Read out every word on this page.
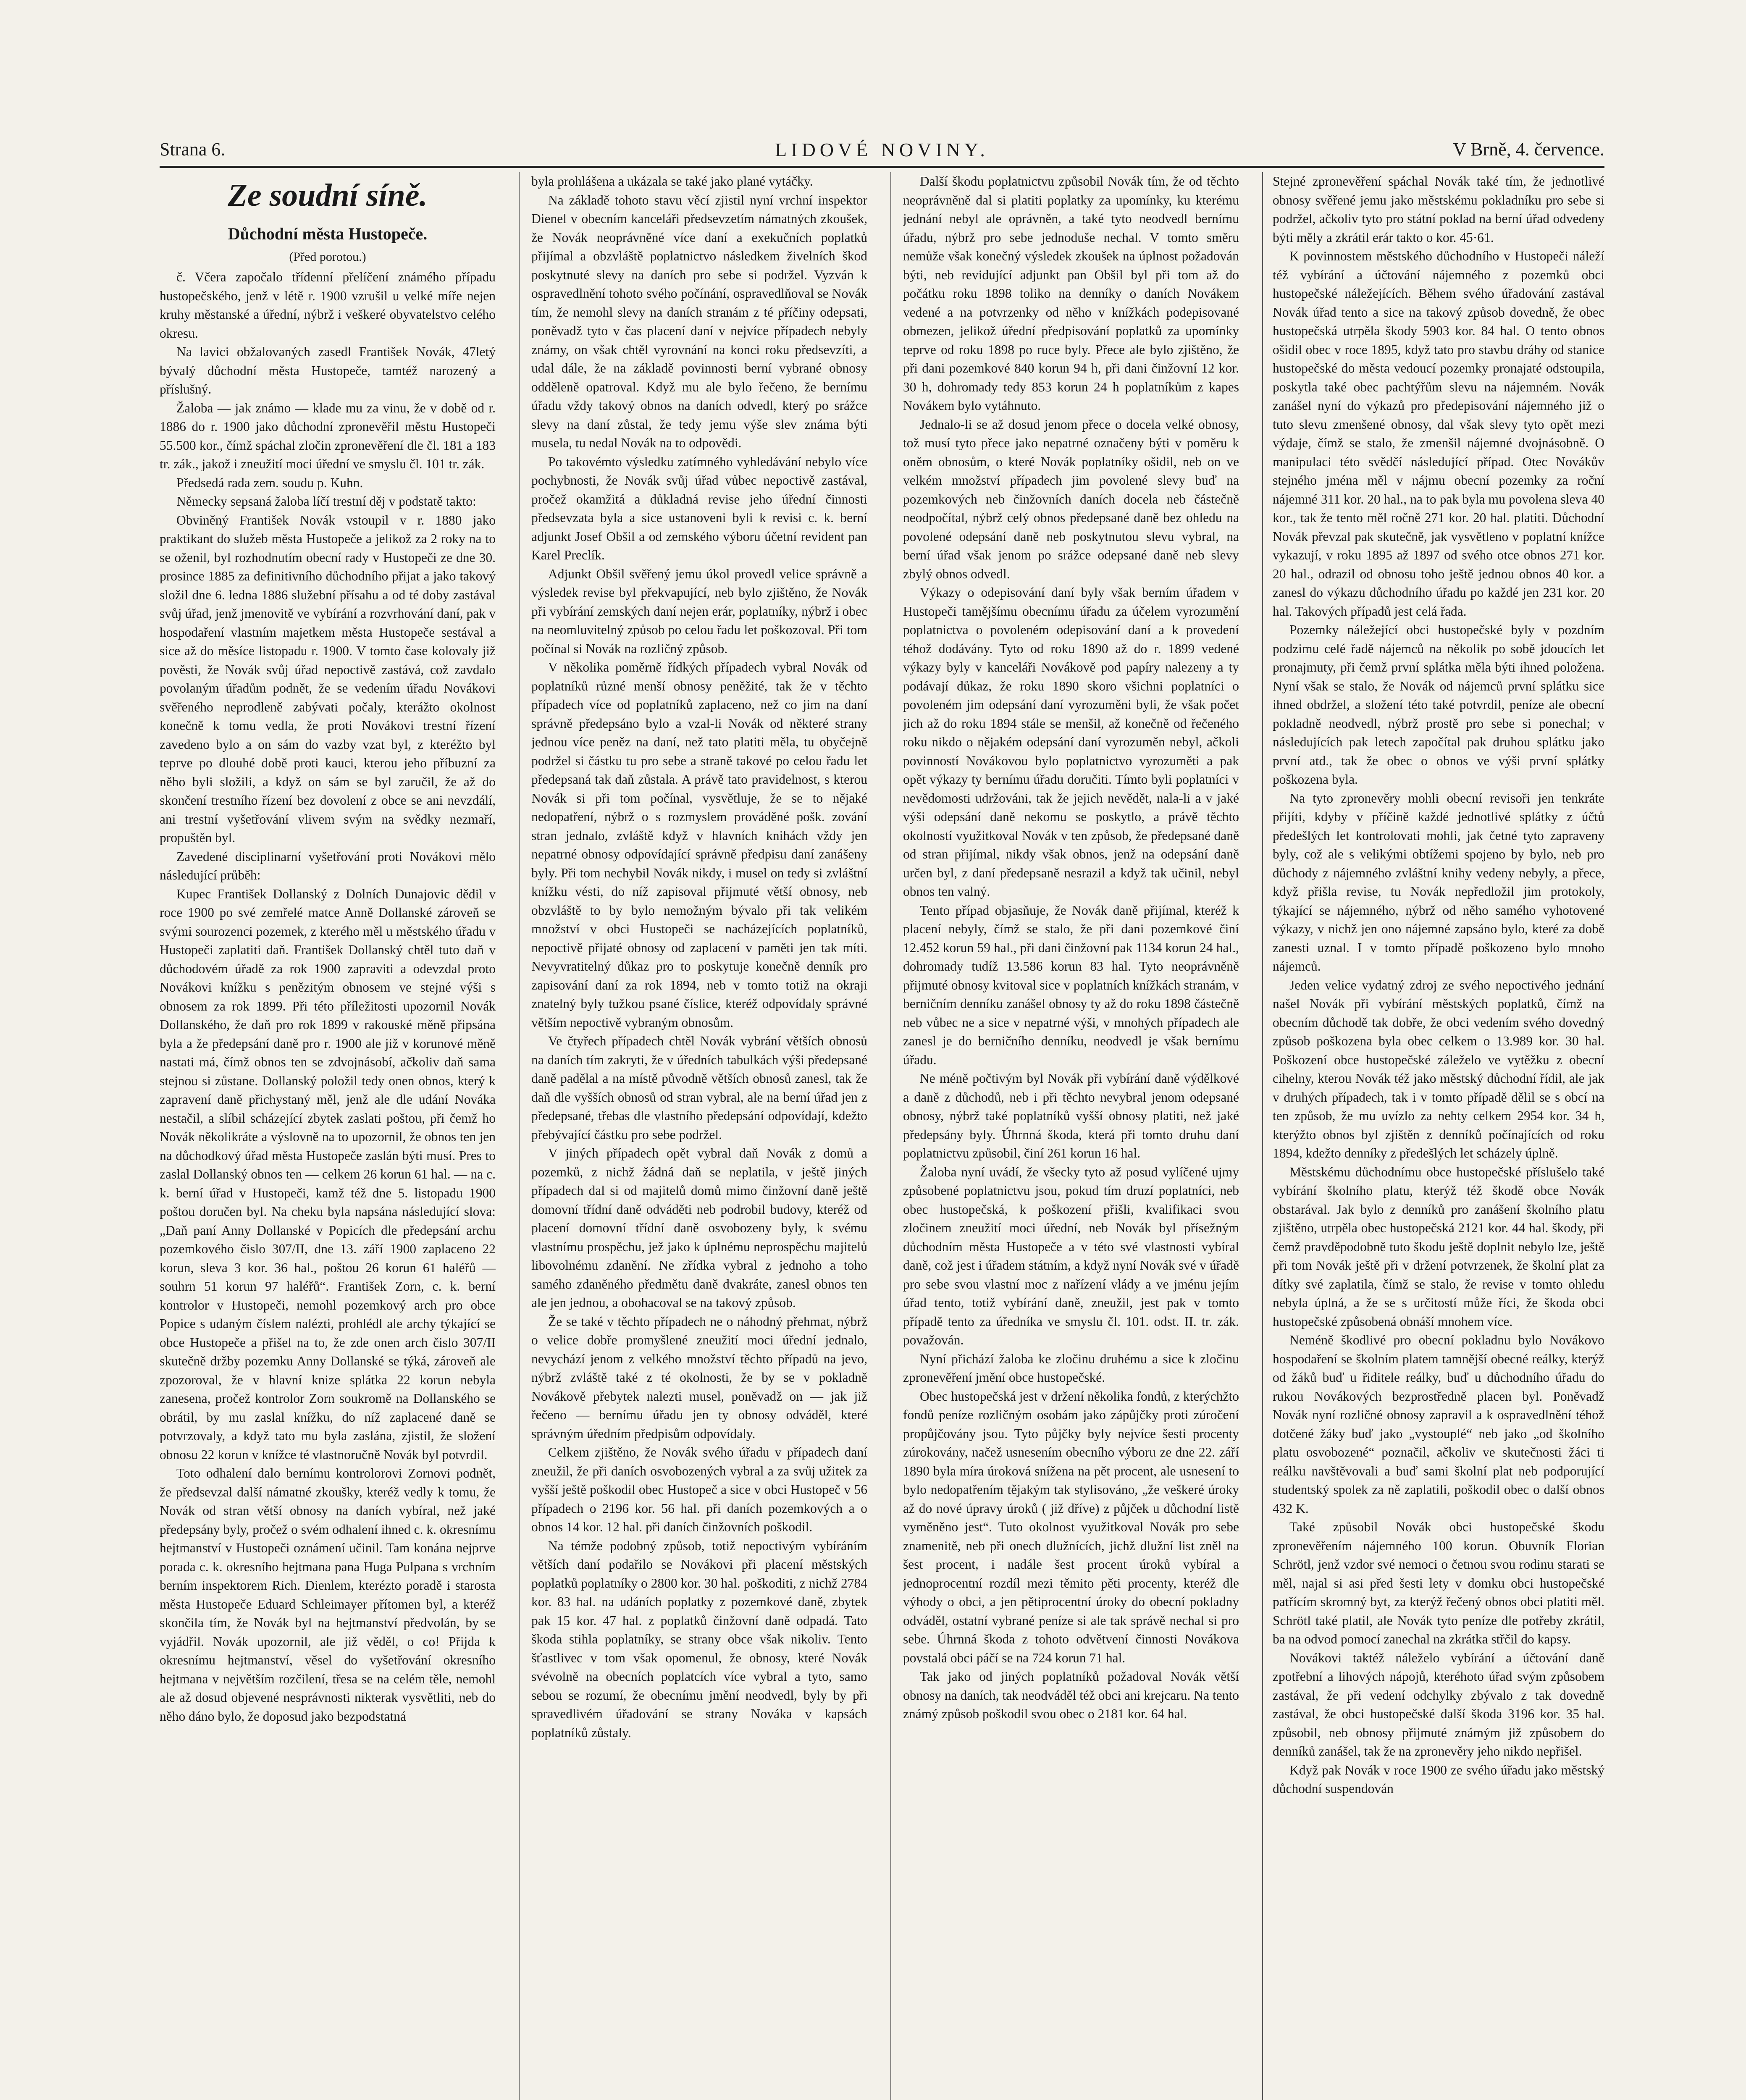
Strana 6.	LIDOVÉ NOVINY.	V Brně, 4. července.
Ze soudní síně.
Důchodní města Hustopeče.
(Před porotou.)

č. Včera započalo třídenní přelíčení známého případu hustopečského, jenž v létě r. 1900 vzrušil u velké míře nejen kruhy městanské a úřední, nýbrž i veškeré obyvatelstvo celého okresu.

Na lavici obžalovaných zasedl František Novák, 47letý bývalý důchodní města Hustopeče, tamtéž narozený a příslušný.

Žaloba — jak známo — klade mu za vinu, že v době od r. 1886 do r. 1900 jako důchodní zpronevěřil městu Hustopeči 55.500 kor., čímž spáchal zločin zpronevěření dle čl. 181 a 183 tr. zák., jakož i zneužití moci úřední ve smyslu čl. 101 tr. zák.

Předsedá rada zem. soudu p. Kuhn.

Německy sepsaná žaloba líčí trestní děj v podstatě takto:

Obviněný František Novák vstoupil v r. 1880 jako praktikant do služeb města Hustopeče a jelikož za 2 roky na to se oženil, byl rozhodnutím obecní rady v Hustopeči ze dne 30. prosince 1885 za definitivního důchodního přijat a jako takový složil dne 6. ledna 1886 služební přísahu a od té doby zastával svůj úřad, jenž jmenovitě ve vybírání a rozvrhování daní, pak v hospodaření vlastním majetkem města Hustopeče sestával a sice až do měsíce listopadu r. 1900. V tomto čase kolovaly již pověsti, že Novák svůj úřad nepoctivě zastává, což zavdalo povolaným úřadům podnět, že se vedením úřadu Novákovi svěřeného neprodleně zabývati počaly, kterážto okolnost konečně k tomu vedla, že proti Novákovi trestní řízení zavedeno bylo a on sám do vazby vzat byl, z kteréžto byl teprve po dlouhé době proti kauci, kterou jeho příbuzní za něho byli složili, a když on sám se byl zaručil, že až do skončení trestního řízení bez dovolení z obce se ani nevzdálí, ani trestní vyšetřování vlivem svým na svědky nezmaří, propuštěn byl.

Zavedené disciplinarní vyšetřování proti Novákovi mělo následující průběh:

Kupec František Dollanský z Dolních Dunajovic dědil v roce 1900 po své zemřelé matce Anně Dollanské zároveň se svými sourozenci pozemek, z kterého měl u městského úřadu v Hustopeči zaplatiti daň. František Dollanský chtěl tuto daň v důchodovém úřadě za rok 1900 zapraviti a odevzdal proto Novákovi knížku s penězitým obnosem ve stejné výši s obnosem za rok 1899. Při této příležitosti upozornil Novák Dollanského, že daň pro rok 1899 v rakouské měně připsána byla a že předepsání daně pro r. 1900 ale již v korunové měně nastati má, čímž obnos ten se zdvojnásobí, ačkoliv daň sama stejnou si zůstane. Dollanský položil tedy onen obnos, který k zapravení daně přichystaný měl, jenž ale dle udání Nováka nestačil, a slíbil scházející zbytek zaslati poštou, při čemž ho Novák několikráte a výslovně na to upozornil, že obnos ten jen na důchodkový úřad města Hustopeče zaslán býti musí. Pres to zaslal Dollanský obnos ten — celkem 26 korun 61 hal. — na c. k. berní úřad v Hustopeči, kamž též dne 5. listopadu 1900 poštou doručen byl. Na cheku byla napsána následující slova: „Daň paní Anny Dollanské v Popicích dle předepsání archu pozemkového čislo 307/II, dne 13. září 1900 zaplaceno 22 korun, sleva 3 kor. 36 hal., poštou 26 korun 61 haléřů — souhrn 51 korun 97 haléřů“. František Zorn, c. k. berní kontrolor v Hustopeči, nemohl pozemkový arch pro obce Popice s udaným číslem nalézti, prohlédl ale archy týkající se obce Hustopeče a přišel na to, že zde onen arch čislo 307/II skutečně držby pozemku Anny Dollanské se týká, zároveň ale zpozoroval, že v hlavní knize splátka 22 korun nebyla zanesena, pročež kontrolor Zorn soukromě na Dollanského se obrátil, by mu zaslal knížku, do níž zaplacené daně se potvrzovaly, a když tato mu byla zaslána, zjistil, že složení obnosu 22 korun v knížce té vlastnoručně Novák byl potvrdil.

Toto odhalení dalo bernímu kontrolorovi Zornovi podnět, že předsevzal další námatné zkoušky, kteréž vedly k tomu, že Novák od stran větší obnosy na daních vybíral, než jaké předepsány byly, pročež o svém odhalení ihned c. k. okresnímu hejtmanství v Hustopeči oznámení učinil. Tam konána nejprve porada c. k. okresního hejtmana pana Huga Pulpana s vrchním berním inspektorem Rich. Dienlem, kterézto poradě i starosta města Hustopeče Eduard Schleimayer přítomen byl, a kteréž skončila tím, že Novák byl na hejtmanství předvolán, by se vyjádřil. Novák upozornil, ale již věděl, o co! Přijda k okresnímu hejtmanství, věsel do vyšetřování okresního hejtmana v největším rozčilení, třesa se na celém těle, nemohl ale až dosud objevené nesprávnosti nikterak vysvětliti, neb do něho dáno bylo, že doposud jako bezpodstatná

byla prohlášena a ukázala se také jako plané vytáčky.

Na základě tohoto stavu věcí zjistil nyní vrchní inspektor Dienel v obecním kanceláři předsevzetím námatných zkoušek, že Novák neoprávněné více daní a exekučních poplatků přijímal a obzvláště poplatnictvo následkem živelních škod poskytnuté slevy na daních pro sebe si podržel. Vyzván k ospravedlnění tohoto svého počínání, ospravedlňoval se Novák tím, že nemohl slevy na daních stranám z té příčiny odepsati, poněvadž tyto v čas placení daní v nejvíce případech nebyly známy, on však chtěl vyrovnání na konci roku předsevzíti, a udal dále, že na základě povinnosti berní vybrané obnosy odděleně opatroval. Když mu ale bylo řečeno, že bernímu úřadu vždy takový obnos na daních odvedl, který po srážce slevy na daní zůstal, že tedy jemu výše slev známa býti musela, tu nedal Novák na to odpovědi.

Po takovémto výsledku zatímného vyhledávání nebylo více pochybnosti, že Novák svůj úřad vůbec nepoctivě zastával, pročež okamžitá a důkladná revise jeho úřední činnosti předsevzata byla a sice ustanoveni byli k revisi c. k. berní adjunkt Josef Obšil a od zemského výboru účetní revident pan Karel Preclík.

Adjunkt Obšil svěřený jemu úkol provedl velice správně a výsledek revise byl překvapující, neb bylo zjištěno, že Novák při vybírání zemských daní nejen erár, poplatníky, nýbrž i obec na neomluvitelný způsob po celou řadu let poškozoval. Při tom počínal si Novák na rozličný způsob.

V několika poměrně řídkých případech vybral Novák od poplatníků různé menší obnosy peněžité, tak že v těchto případech více od poplatníků zaplaceno, než co jim na daní správně předepsáno bylo a vzal-li Novák od některé strany jednou více peněz na daní, než tato platiti měla, tu obyčejně podržel si částku tu pro sebe a straně takové po celou řadu let předepsaná tak daň zůstala. A právě tato pravidelnost, s kterou Novák si při tom počínal, vysvětluje, že se to nějaké nedopatření, nýbrž o s rozmyslem prováděné pošk. zování stran jednalo, zvláště když v hlavních knihách vždy jen nepatrné obnosy odpovídající správně předpisu daní zanášeny byly. Při tom nechybil Novák nikdy, i musel on tedy si zvláštní knížku vésti, do níž zapisoval přijmuté větší obnosy, neb obzvláště to by bylo nemožným bývalo při tak velikém množství v obci Hustopeči se nacházejících poplatníků, nepoctivě přijaté obnosy od zaplacení v paměti jen tak míti. Nevyvratitelný důkaz pro to poskytuje konečně denník pro zapisování daní za rok 1894, neb v tomto totiž na okraji znatelný byly tužkou psané číslice, kteréž odpovídaly správné větším nepoctivě vybraným obnosům.

Ve čtyřech případech chtěl Novák vybrání větších obnosů na daních tím zakryti, že v úředních tabulkách výši předepsané daně padělal a na místě původně větších obnosů zanesl, tak že daň dle vyšších obnosů od stran vybral, ale na berní úřad jen z předepsané, třebas dle vlastního předepsání odpovídají, kdežto přebývající částku pro sebe podržel.

V jiných případech opět vybral daň Novák z domů a pozemků, z nichž žádná daň se neplatila, v ještě jiných případech dal si od majitelů domů mimo činžovní daně ještě domovní třídní daně odváděti neb podrobil budovy, kteréž od placení domovní třídní daně osvobozeny byly, k svému vlastnímu prospěchu, jež jako k úplnému neprospěchu majitelů libovolnému zdanění. Ne zřídka vybral z jednoho a toho samého zdaněného předmětu daně dvakráte, zanesl obnos ten ale jen jednou, a obohacoval se na takový způsob.

Že se také v těchto případech ne o náhodný přehmat, nýbrž o velice dobře promyšlené zneužití moci úřední jednalo, nevychází jenom z velkého množství těchto případů na jevo, nýbrž zvláště také z té okolnosti, že by se v pokladně Novákově přebytek nalezti musel, poněvadž on — jak již řečeno — bernímu úřadu jen ty obnosy odváděl, které správným úředním předpisům odpovídaly.

Celkem zjištěno, že Novák svého úřadu v případech daní zneužil, že při daních osvobozených vybral a za svůj užitek za vyšší ještě poškodil obec Hustopeč a sice v obci Hustopeč v 56 případech o 2196 kor. 56 hal. při daních pozemkových a o obnos 14 kor. 12 hal. při daních činžovních poškodil.

Na témže podobný způsob, totiž nepoctivým vybíráním větších daní podařilo se Novákovi při placení městských poplatků poplatníky o 2800 kor. 30 hal. poškoditi, z nichž 2784 kor. 83 hal. na udáních poplatky z pozemkové daně, zbytek pak 15 kor. 47 hal. z poplatků činžovní daně odpadá. Tato škoda stihla poplatníky, se strany obce však nikoliv. Tento šťastlivec v tom však opomenul, že obnosy, které Novák svévolně na obecních poplatcích více vybral a tyto, samo sebou se rozumí, že obecnímu jmění neodvedl, byly by při spravedlivém úřadování se strany Nováka v kapsách poplatníků zůstaly.

Další škodu poplatnictvu způsobil Novák tím, že od těchto neoprávněně dal si platiti poplatky za upomínky, ku kterému jednání nebyl ale oprávněn, a také tyto neodvedl bernímu úřadu, nýbrž pro sebe jednoduše nechal. V tomto směru nemůže však konečný výsledek zkoušek na úplnost požadován býti, neb revidující adjunkt pan Obšil byl při tom až do počátku roku 1898 toliko na denníky o daních Novákem vedené a na potvrzenky od něho v knížkách podepisované obmezen, jelikož úřední předpisování poplatků za upomínky teprve od roku 1898 po ruce byly. Přece ale bylo zjištěno, že při dani pozemkové 840 korun 94 h, při dani činžovní 12 kor. 30 h, dohromady tedy 853 korun 24 h poplatníkům z kapes Novákem bylo vytáhnuto.

Jednalo-li se až dosud jenom přece o docela velké obnosy, tož musí tyto přece jako nepatrné označeny býti v poměru k oněm obnosům, o které Novák poplatníky ošidil, neb on ve velkém množství případech jim povolené slevy buď na pozemkových neb činžovních daních docela neb částečně neodpočítal, nýbrž celý obnos předepsané daně bez ohledu na povolené odepsání daně neb poskytnutou slevu vybral, na berní úřad však jenom po srážce odepsané daně neb slevy zbylý obnos odvedl.

Výkazy o odepisování daní byly však berním úřadem v Hustopeči tamějšímu obecnímu úřadu za účelem vyrozumění poplatnictva o povoleném odepisování daní a k provedení téhož dodávány. Tyto od roku 1890 až do r. 1899 vedené výkazy byly v kanceláři Novákově pod papíry nalezeny a ty podávají důkaz, že roku 1890 skoro všichni poplatníci o povoleném jim odepsání daní vyrozuměni byli, že však počet jich až do roku 1894 stále se menšil, až konečně od řečeného roku nikdo o nějakém odepsání daní vyrozuměn nebyl, ačkoli povinností Novákovou bylo poplatnictvo vyrozuměti a pak opět výkazy ty bernímu úřadu doručiti. Tímto byli poplatníci v nevědomosti udržováni, tak že jejich nevědět, nala-li a v jaké výši odepsání daně nekomu se poskytlo, a právě těchto okolností využitkoval Novák v ten způsob, že předepsané daně od stran přijímal, nikdy však obnos, jenž na odepsání daně určen byl, z daní předepsaně nesrazil a když tak učinil, nebyl obnos ten valný.

Tento případ objasňuje, že Novák daně přijímal, kteréž k placení nebyly, čímž se stalo, že při dani pozemkové činí 12.452 korun 59 hal., při dani činžovní pak 1134 korun 24 hal., dohromady tudíž 13.586 korun 83 hal. Tyto neoprávněně přijmuté obnosy kvitoval sice v poplatních knížkách stranám, v berničním denníku zanášel obnosy ty až do roku 1898 částečně neb vůbec ne a sice v nepatrné výši, v mnohých případech ale zanesl je do berničního denníku, neodvedl je však bernímu úřadu.

Ne méně počtivým byl Novák při vybírání daně výdělkové a daně z důchodů, neb i při těchto nevybral jenom odepsané obnosy, nýbrž také poplatníků vyšší obnosy platiti, než jaké předepsány byly. Úhrnná škoda, která při tomto druhu daní poplatnictvu způsobil, činí 261 korun 16 hal.

Žaloba nyní uvádí, že všecky tyto až posud vylíčené ujmy způsobené poplatnictvu jsou, pokud tím druzí poplatníci, neb obec hustopečská, k poškození přišli, kvalifikaci svou zločinem zneužití moci úřední, neb Novák byl přísežným důchodním města Hustopeče a v této své vlastnosti vybíral daně, což jest i úřadem státním, a když nyní Novák své v úřadě pro sebe svou vlastní moc z nařízení vlády a ve jménu jejím úřad tento, totiž vybírání daně, zneužil, jest pak v tomto případě tento za úředníka ve smyslu čl. 101. odst. II. tr. zák. považován.

Nyní přichází žaloba ke zločinu druhému a sice k zločinu zpronevěření jmění obce hustopečské.

Obec hustopečská jest v držení několika fondů, z kterýchžto fondů peníze rozličným osobám jako zápůjčky proti zúročení propůjčovány jsou. Tyto půjčky byly nejvíce šesti procenty zúrokovány, načež usnesením obecního výboru ze dne 22. září 1890 byla míra úroková snížena na pět procent, ale usnesení to bylo nedopatřením tějakým tak stylisováno, „že veškeré úroky až do nové úpravy úroků ( již dříve) z půjček u důchodní listě vyměněno jest“. Tuto okolnost využitkoval Novák pro sebe znamenitě, neb při onech dlužnících, jichž dlužní list zněl na šest procent, i nadále šest procent úroků vybíral a jednoprocentní rozdíl mezi těmito pěti procenty, kteréž dle výhody o obci, a jen pětiprocentní úroky do obecní pokladny odváděl, ostatní vybrané peníze si ale tak správě nechal si pro sebe. Úhrnná škoda z tohoto odvětvení činnosti Novákova povstalá obci páčí se na 724 korun 71 hal.

Tak jako od jiných poplatníků požadoval Novák větší obnosy na daních, tak neodváděl též obci ani krejcaru. Na tento známý způsob poškodil svou obec o 2181 kor. 64 hal.

Stejné zpronevěření spáchal Novák také tím, že jednotlivé obnosy svěřené jemu jako městskému pokladníku pro sebe si podržel, ačkoliv tyto pro státní poklad na berní úřad odvedeny býti měly a zkrátil erár takto o kor. 45·61.

K povinnostem městského důchodního v Hustopeči náleží též vybírání a účtování nájemného z pozemků obci hustopečské náležejících. Během svého úřadování zastával Novák úřad tento a sice na takový způsob dovedně, že obec hustopečská utrpěla škody 5903 kor. 84 hal. O tento obnos ošidil obec v roce 1895, když tato pro stavbu dráhy od stanice hustopečské do města vedoucí pozemky pronajaté odstoupila, poskytla také obec pachtýřům slevu na nájemném. Novák zanášel nyní do výkazů pro předepisování nájemného již o tuto slevu zmenšené obnosy, dal však slevy tyto opět mezi výdaje, čímž se stalo, že zmenšil nájemné dvojnásobně. O manipulaci této svědčí následující případ. Otec Novákův stejného jména měl v nájmu obecní pozemky za roční nájemné 311 kor. 20 hal., na to pak byla mu povolena sleva 40 kor., tak že tento měl ročně 271 kor. 20 hal. platiti. Důchodní Novák převzal pak skutečně, jak vysvětleno v poplatní knížce vykazují, v roku 1895 až 1897 od svého otce obnos 271 kor. 20 hal., odrazil od obnosu toho ještě jednou obnos 40 kor. a zanesl do výkazu důchodního úřadu po každé jen 231 kor. 20 hal. Takových případů jest celá řada.

Pozemky náležející obci hustopečské byly v pozdním podzimu celé řadě nájemců na několik po sobě jdoucích let pronajmuty, při čemž první splátka měla býti ihned položena. Nyní však se stalo, že Novák od nájemců první splátku sice ihned obdržel, a složení této také potvrdil, peníze ale obecní pokladně neodvedl, nýbrž prostě pro sebe si ponechal; v následujících pak letech započítal pak druhou splátku jako první atd., tak že obec o obnos ve výši první splátky poškozena byla.

Na tyto zpronevěry mohli obecní revisoři jen tenkráte přijíti, kdyby v příčině každé jednotlivé splátky z účtů předešlých let kontrolovati mohli, jak četné tyto zapraveny byly, což ale s velikými obtížemi spojeno by bylo, neb pro důchody z nájemného zvláštní knihy vedeny nebyly, a přece, když přišla revise, tu Novák nepředložil jim protokoly, týkající se nájemného, nýbrž od něho samého vyhotovené výkazy, v nichž jen ono nájemné zapsáno bylo, které za době zanesti uznal. I v tomto případě poškozeno bylo mnoho nájemců.

Jeden velice vydatný zdroj ze svého nepoctivého jednání našel Novák při vybírání městských poplatků, čímž na obecním důchodě tak dobře, že obci vedením svého dovedný způsob poškozena byla obec celkem o 13.989 kor. 30 hal. Poškození obce hustopečské záleželo ve vytěžku z obecní cihelny, kterou Novák též jako městský důchodní řídil, ale jak v druhých případech, tak i v tomto případě dělil se s obcí na ten způsob, že mu uvízlo za nehty celkem 2954 kor. 34 h, kterýžto obnos byl zjištěn z denníků počínajících od roku 1894, kdežto denníky z předešlých let scházely úplně.

Městskému důchodnímu obce hustopečské příslušelo také vybírání školního platu, kterýž též škodě obce Novák obstarával. Jak bylo z denníků pro zanášení školního platu zjištěno, utrpěla obec hustopečská 2121 kor. 44 hal. škody, při čemž pravděpodobně tuto škodu ještě doplnit nebylo lze, ještě při tom Novák ještě při v držení potvrzenek, že školní plat za dítky své zaplatila, čímž se stalo, že revise v tomto ohledu nebyla úplná, a že se s určitostí může říci, že škoda obci hustopečské způsobená obnáší mnohem více.

Neméně škodlivé pro obecní pokladnu bylo Novákovo hospodaření se školním platem tamnější obecné reálky, kterýž od žáků buď u řiditele reálky, buď u důchodního úřadu do rukou Novákových bezprostředně placen byl. Poněvadž Novák nyní rozličné obnosy zapravil a k ospravedlnění téhož dotčené žáky buď jako „vystouplé“ neb jako „od školního platu osvobozené“ poznačil, ačkoliv ve skutečnosti žáci ti reálku navštěvovali a buď sami školní plat neb podporující studentský spolek za ně zaplatili, poškodil obec o další obnos 432 K.

Také způsobil Novák obci hustopečské škodu zpronevěřením nájemného 100 korun. Obuvník Florian Schrötl, jenž vzdor své nemoci o četnou svou rodinu starati se měl, najal si asi před šesti lety v domku obci hustopečské patřícím skromný byt, za kterýž řečený obnos obci platiti měl. Schrötl také platil, ale Novák tyto peníze dle potřeby zkrátil, ba na odvod pomocí zanechal na zkrátka střčil do kapsy.

Novákovi taktéž náleželo vybírání a účtování daně zpotřební a lihových nápojů, kteréhoto úřad svým způsobem zastával, že při vedení odchylky zbývalo z tak dovedně zastával, že obci hustopečské další škoda 3196 kor. 35 hal. způsobil, neb obnosy přijmuté známým již způsobem do denníků zanášel, tak že na zpronevěry jeho nikdo nepřišel.

Když pak Novák v roce 1900 ze svého úřadu jako městský důchodní suspendován
